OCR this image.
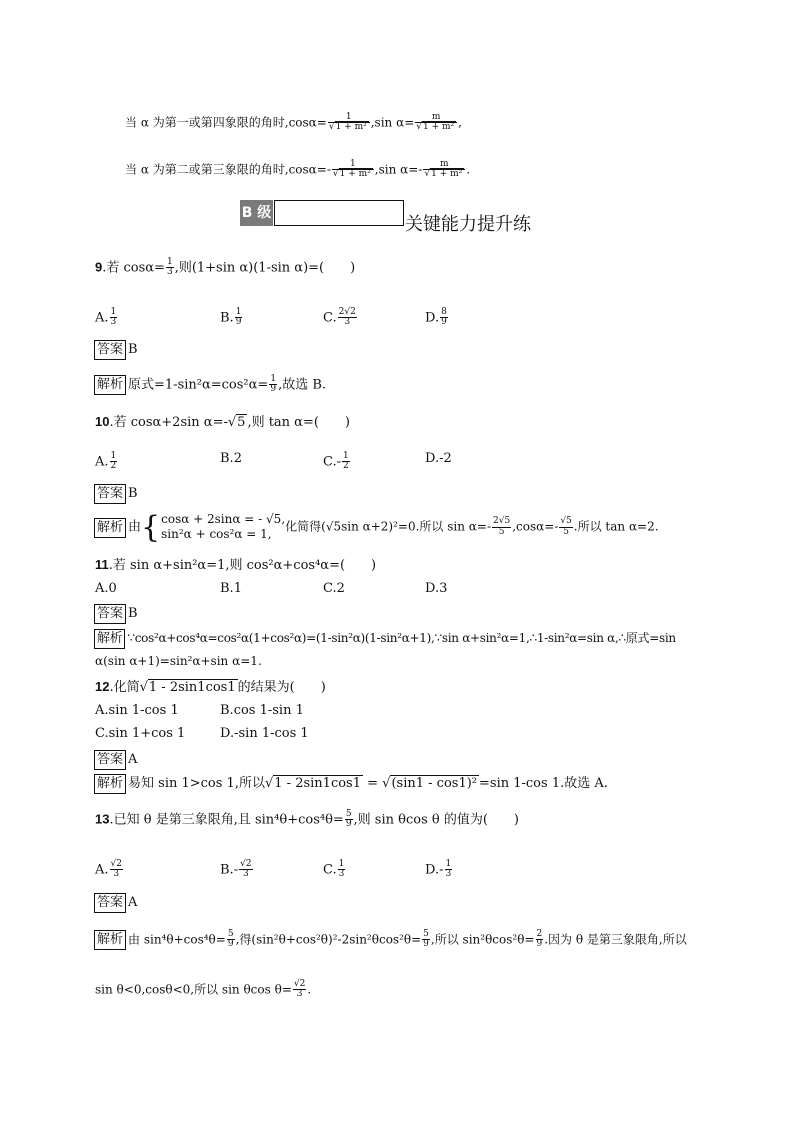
当 α 为第一或第四象限的角时$,\cos\alpha= \frac{1}{\text{√1 + m²}} ,\sin$ $\alpha= \frac{m}{\text{√1 + m²}}$ ,
当 α 为第二或第三象限的角时$,\cos\alpha=- \frac{1}{\text{√1 + m²}} ,\sin$ $\alpha=- \frac{m}{\text{√1 + m²}}$ .
B 级
关键能力提升练
9.若 $\cos\alpha= \frac{1}{3}$ ,则(1+sin α)(1-sin α)=(　　)
A. $\frac{1}{3}$	B. $\frac{1}{9}$	C. $\frac{2√2}{3}$	D. $\frac{8}{9}$
答案 B
解析 原式$=1-\sin^2\alpha=\cos^2\alpha= \frac{1}{9}$ ,故选 B.
10.若 cosα+2sin α=-√5 ,则 tan α=(　　)
A. $\frac{1}{2}$	B.2	$C.- \frac{1}{2}$	D.-2
答案 B
解析 由{ cosα + 2sinα = - √5,
sin²α + cos²α = 1,
化简得(√5sin α+2)²=0.所以 $\sin \alpha=- \frac{2√5}{5} ,\cos\alpha=- \frac{√5}{5}$ .所以 tan α=2.
11.若 sin α+sin²α=1,则 cos²α+cos⁴α=(　　)
A.0	B.1	C.2	D.3
答案 B
解析 ∵cos²α+cos⁴α=cos²α(1+cos²α)=(1-sin²α)(1-sin²α+1),∵sin α+sin²α=1,∴1-sin²α=sin α,∴原式=sin
α(sin α+1)=sin²α+sin α=1.
12.化简√1 - 2sin1cos1 的结果为(　　)
A.sin 1-cos 1	B.cos 1-sin 1
C.sin 1+cos 1	D.-sin 1-cos 1
答案 A
解析 易知 sin 1>cos 1,所以√1 - 2sin1cos1 = √(sin1 - cos1)² =sin 1-cos 1.故选 A.
13.已知 θ 是第三象限角,且 $\sin^4\theta+\cos^4\theta= \frac{5}{9}$ ,则 sin θcos θ 的值为(　　)
A. $\frac{√2}{3}$	$B.- \frac{√2}{3}$	C. $\frac{1}{3}$	$D.- \frac{1}{3}$
答案 A
解析 由 $\sin^4\theta+\cos^4\theta= \frac{5}{9}$ ,得$(\sin^2\theta+\cos^2\theta)^2-2\sin^2\theta\cos^2\theta= \frac{5}{9}$ ,所以 $\sin^2\theta\cos^2\theta= \frac{2}{9}$ .因为 θ 是第三象限角,所以
sin θ<0,cosθ<0,所以 sin θcos $\theta= \frac{√2}{3}$ .
